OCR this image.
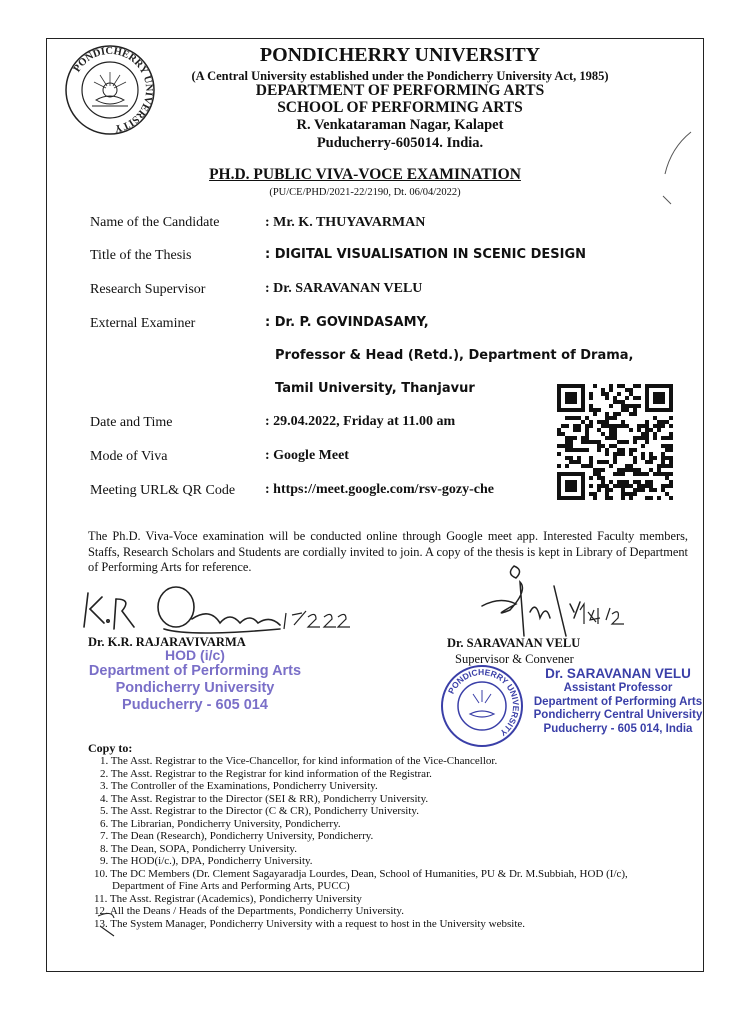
PONDICHERRY UNIVERSITY
PONDICHERRY UNIVERSITY
(A Central University established under the Pondicherry University Act, 1985)
DEPARTMENT OF PERFORMING ARTS
SCHOOL OF PERFORMING ARTS
R. Venkataraman Nagar, Kalapet
Puducherry-605014. India.
PH.D. PUBLIC VIVA-VOCE EXAMINATION
(PU/CE/PHD/2021-22/2190, Dt. 06/04/2022)
Name of the Candidate	: Mr. K. THUYAVARMAN
Title of the Thesis	: DIGITAL VISUALISATION IN SCENIC DESIGN
Research Supervisor	: Dr. SARAVANAN VELU
External Examiner	: Dr. P. GOVINDASAMY,
Professor & Head (Retd.), Department of Drama,
Tamil University, Thanjavur
Date and Time	: 29.04.2022, Friday at 11.00 am
Mode of Viva	: Google Meet
Meeting URL& QR Code : https://meet.google.com/rsv-gozy-che
The Ph.D. Viva-Voce examination will be conducted online through Google meet app. Interested Faculty members, Staffs, Research Scholars and Students are cordially invited to join. A copy of the thesis is kept in Library of Department of Performing Arts for reference.
Dr. K.R. RAJARAVIVARMA
HOD (i/c)
Department of Performing Arts
Pondicherry University
Puducherry - 605 014
Dr. SARAVANAN VELU
Supervisor & Convener
PONDICHERRY UNIVERSITY
Dr. SARAVANAN VELU
Assistant Professor
Department of Performing Arts
Pondicherry Central University
Puducherry - 605 014, India
Copy to:
1. The Asst. Registrar to the Vice-Chancellor, for kind information of the Vice-Chancellor.
2. The Asst. Registrar to the Registrar for kind information of the Registrar.
3. The Controller of the Examinations, Pondicherry University.
4. The Asst. Registrar to the Director (SEI & RR), Pondicherry University.
5. The Asst. Registrar to the Director (C & CR), Pondicherry University.
6. The Librarian, Pondicherry University, Pondicherry.
7. The Dean (Research), Pondicherry University, Pondicherry.
8. The Dean, SOPA, Pondicherry University.
9. The HOD(i/c.), DPA, Pondicherry University.
10. The DC Members (Dr. Clement Sagayaradja Lourdes, Dean, School of Humanities, PU & Dr. M.Subbiah, HOD (I/c),
Department of Fine Arts and Performing Arts, PUCC)
11. The Asst. Registrar (Academics), Pondicherry University
12. All the Deans / Heads of the Departments, Pondicherry University.
13. The System Manager, Pondicherry University with a request to host in the University website.
